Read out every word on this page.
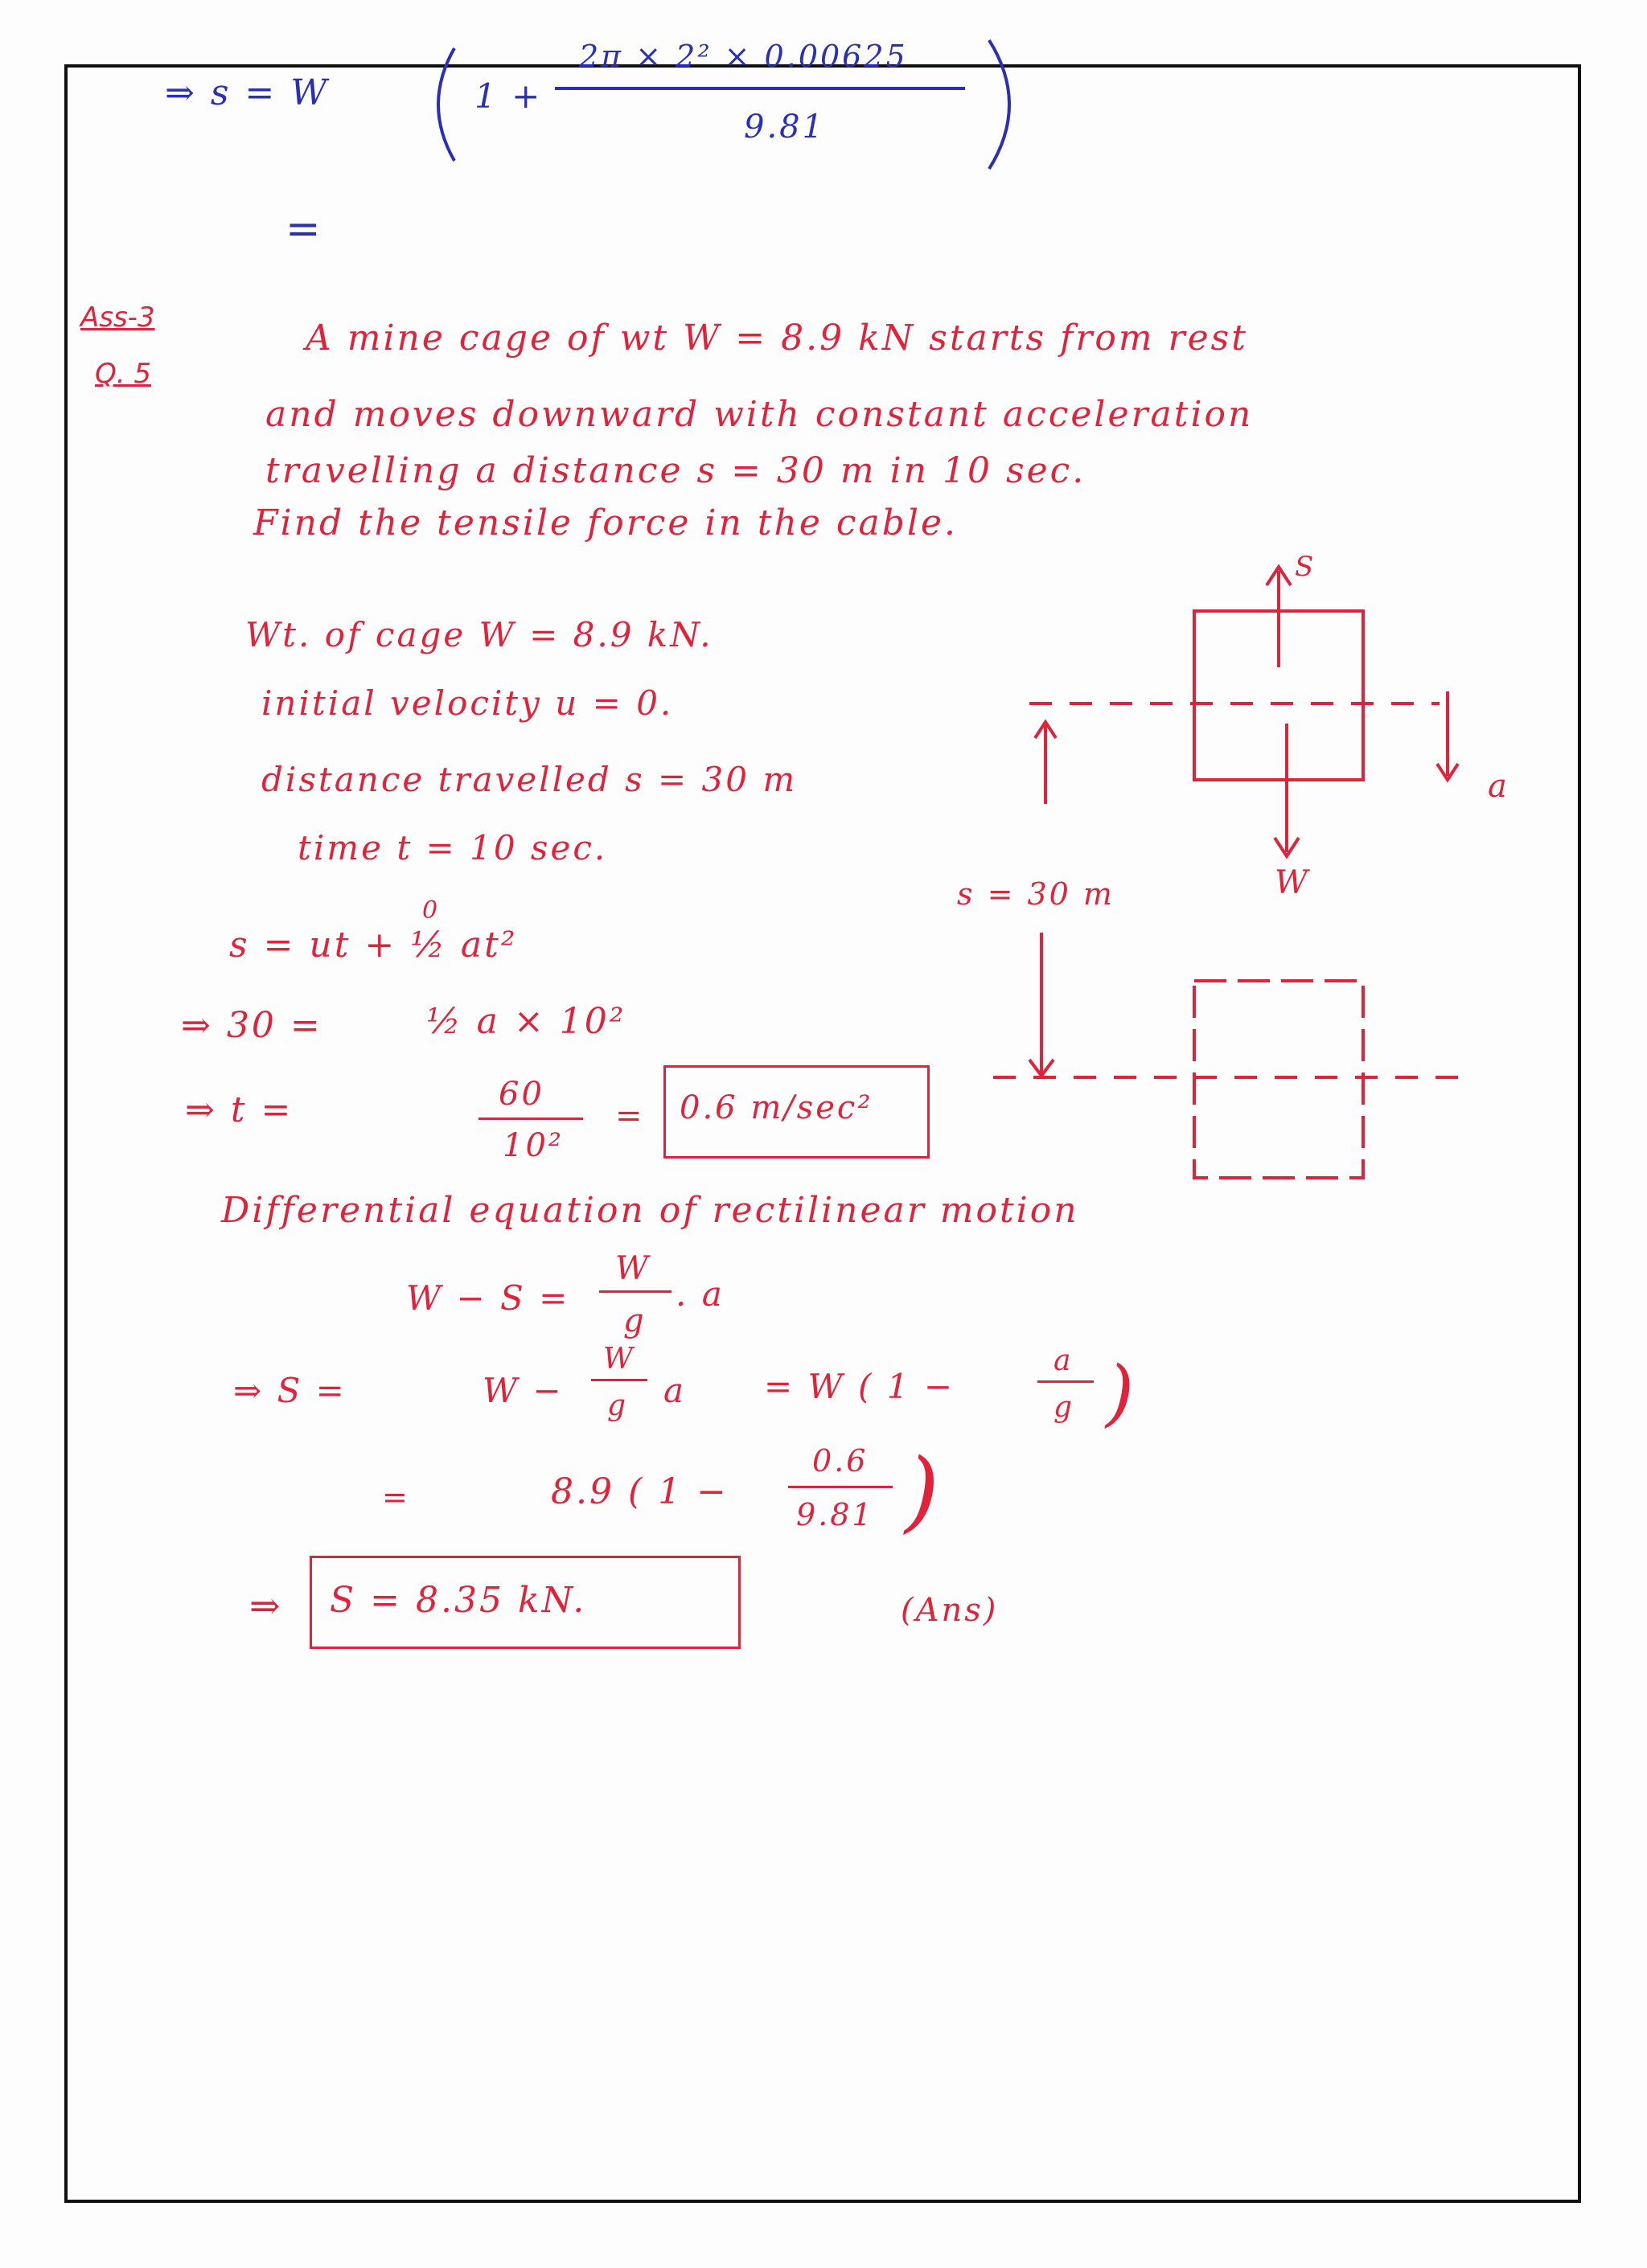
⇒ s = W	1 +
2π × 2² × 0.00625
9.81
=
Ass-3
Q. 5
A mine cage of wt W = 8.9 kN starts from rest
and moves downward with constant acceleration
travelling a distance s = 30 m in 10 sec.
Find the tensile force in the cable.
Wt. of cage W = 8.9 kN.
initial velocity u = 0.
distance travelled s = 30 m
time t = 10 sec.
s = ut + ½ at²
0
⇒ 30 =	½ a × 10²
⇒ t =	60
10²
= 0.6 m/sec²
Differential equation of rectilinear motion
W − S =
W
g
. a
⇒ S =	W −
W
g a = W ( 1 −
a
g )
=	8.9 ( 1 −
0.6
9.81 )
⇒ S = 8.35 kN.	(Ans)
S
a
W
s = 30 m
